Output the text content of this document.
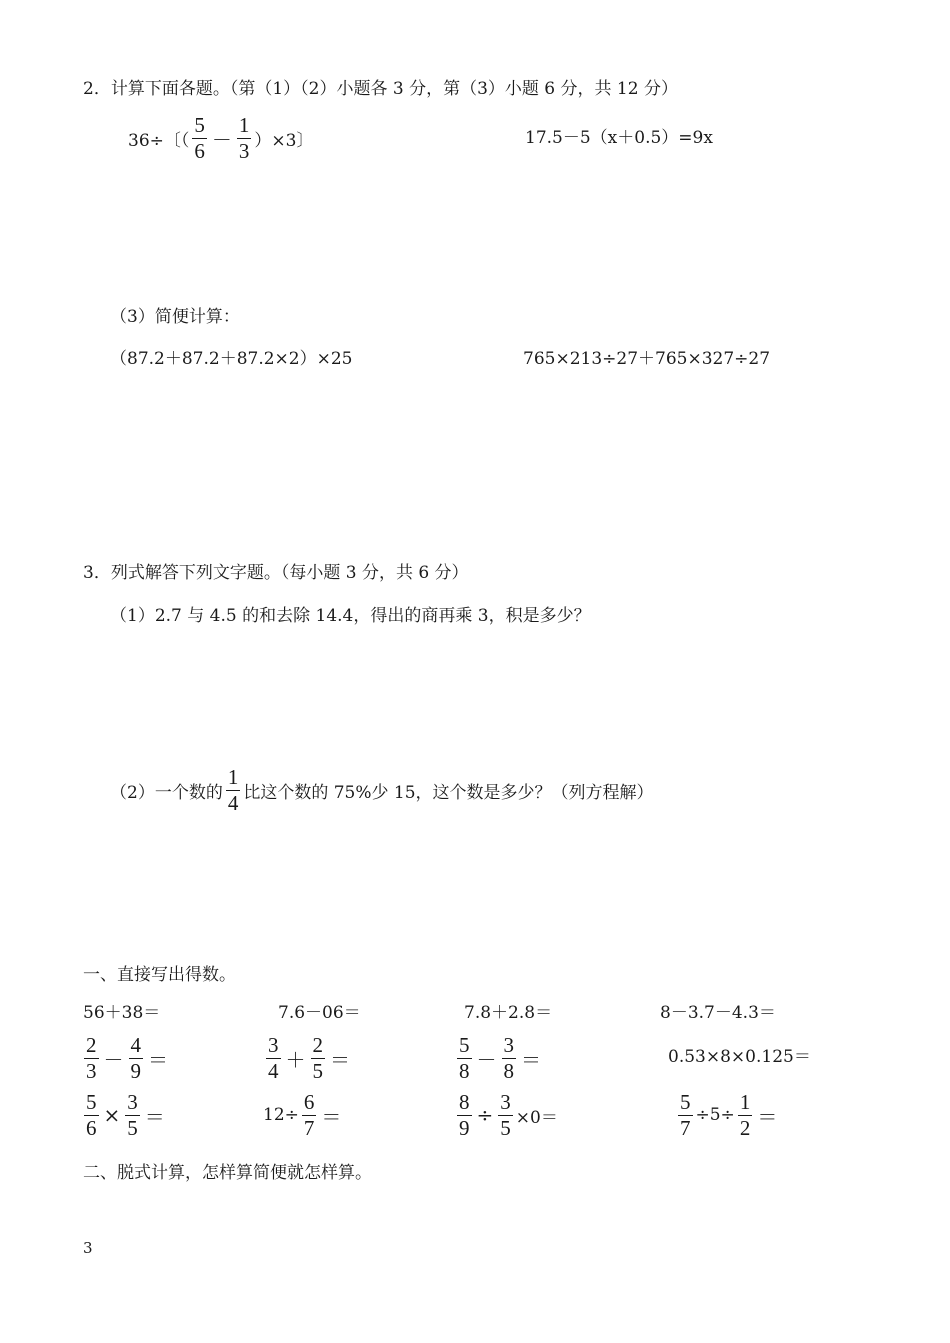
2．计算下面各题。（第（1）（2）小题各 3 分，第（3）小题 6 分，共 12 分）
36÷〔（ $\frac{5}{6} - \frac{1}{3} )\times 3$〕	17.5－5（x＋0.5）=9x
（3）简便计算：
（87.2＋87.2＋87.2×2）×25	765×213÷27＋765×327÷27
3．列式解答下列文字题。（每小题 3 分，共 6 分）
（1）2.7 与 4.5 的和去除 14.4，得出的商再乘 3，积是多少？
（2）一个数的 $\frac{1}{4}$ 比这个数的 75%少 15，这个数是多少？（列方程解）
一、直接写出得数。
56＋38＝	7.6－06＝	7.8＋2.8＝	8－3.7－4.3＝
$\frac{2}{3} - \frac{4}{9}$ ＝	$\frac{3}{4} + \frac{2}{5}$ ＝	$\frac{5}{8} - \frac{3}{8}$ ＝	0.53×8×0.125＝
$\frac{5}{6} \times \frac{3}{5}$ ＝	$12\div \frac{6}{7}$ ＝	$\frac{8}{9} \div \frac{3}{5} \times 0=$	$\frac{5}{7} \div 5\div \frac{1}{2}$ ＝
二、脱式计算，怎样算简便就怎样算。
3
